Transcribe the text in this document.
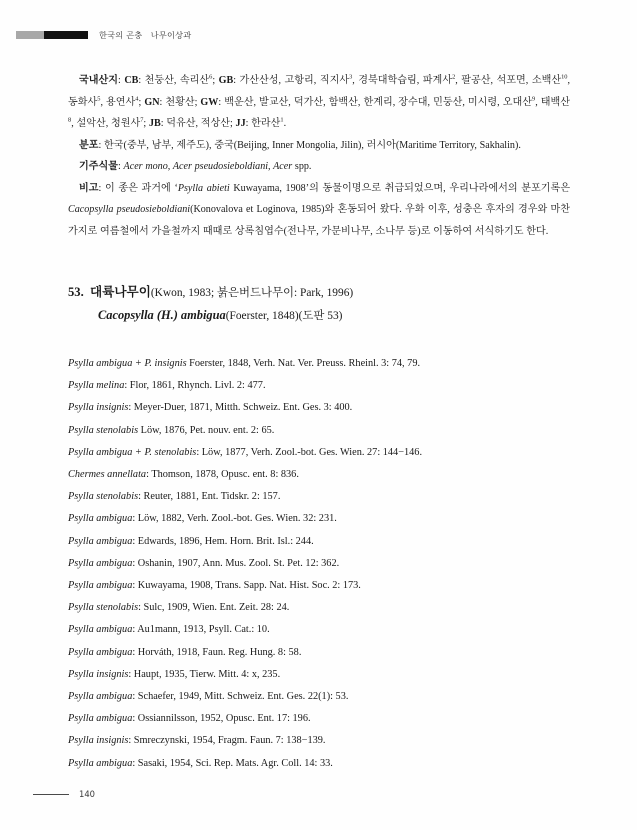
한국의 곤충   나무이상과

국내산지: CB: 천둥산, 속리산$^6$; GB: 가산산성, 고항리, 직지사$^3$, 경북대학습림, 파계사$^2$, 팔공산, 석포면, 소백산$^{10}$, 동화사$^5$, 용연사$^4$; GN: 천황산; GW: 백운산, 발교산, 덕가산, 함백산, 한계리, 장수대, 민둥산, 미시령, 오대산$^9$, 태백산$^8$, 설악산, 청원사$^7$; JB: 덕유산, 적상산; JJ: 한라산$^1$.

분포: 한국(중부, 남부, 제주도), 중국(Beijing, Inner Mongolia, Jilin), 러시아(Maritime Territory, Sakhalin).

기주식물: Acer mono, Acer pseudosieboldiani, Acer spp.

비고: 이 종은 과거에 ‘Psylla abieti Kuwayama, 1908’의 동물이명으로 취급되었으며, 우리나라에서의 분포기록은 Cacopsylla pseudosieboldiani(Konovalova et Loginova, 1985)와 혼동되어 왔다. 우화 이후, 성충은 후자의 경우와 마찬가지로 여름철에서 가을철까지 때때로 상록침엽수(전나무, 가문비나무, 소나무 등)로 이동하여 서식하기도 한다.

53. 대륙나무이(Kwon, 1983; 붉은버드나무이: Park, 1996)
Cacopsylla (H.) ambigua(Foerster, 1848)(도판 53)
Psylla ambigua + P. insignis Foerster, 1848, Verh. Nat. Ver. Preuss. Rheinl. 3: 74, 79.
Psylla melina: Flor, 1861, Rhynch. Livl. 2: 477.
Psylla insignis: Meyer-Duer, 1871, Mitth. Schweiz. Ent. Ges. 3: 400.
Psylla stenolabis Löw, 1876, Pet. nouv. ent. 2: 65.
Psylla ambigua + P. stenolabis: Löw, 1877, Verh. Zool.-bot. Ges. Wien. 27: 144−146.
Chermes annellata: Thomson, 1878, Opusc. ent. 8: 836.
Psylla stenolabis: Reuter, 1881, Ent. Tidskr. 2: 157.
Psylla ambigua: Löw, 1882, Verh. Zool.-bot. Ges. Wien. 32: 231.
Psylla ambigua: Edwards, 1896, Hem. Horn. Brit. Isl.: 244.
Psylla ambigua: Oshanin, 1907, Ann. Mus. Zool. St. Pet. 12: 362.
Psylla ambigua: Kuwayama, 1908, Trans. Sapp. Nat. Hist. Soc. 2: 173.
Psylla stenolabis: Sulc, 1909, Wien. Ent. Zeit. 28: 24.
Psylla ambigua: Au1mann, 1913, Psyll. Cat.: 10.
Psylla ambigua: Horváth, 1918, Faun. Reg. Hung. 8: 58.
Psylla insignis: Haupt, 1935, Tierw. Mitt. 4: x, 235.
Psylla ambigua: Schaefer, 1949, Mitt. Schweiz. Ent. Ges. 22(1): 53.
Psylla ambigua: Ossiannilsson, 1952, Opusc. Ent. 17: 196.
Psylla insignis: Smreczynski, 1954, Fragm. Faun. 7: 138−139.
Psylla ambigua: Sasaki, 1954, Sci. Rep. Mats. Agr. Coll. 14: 33.
140
